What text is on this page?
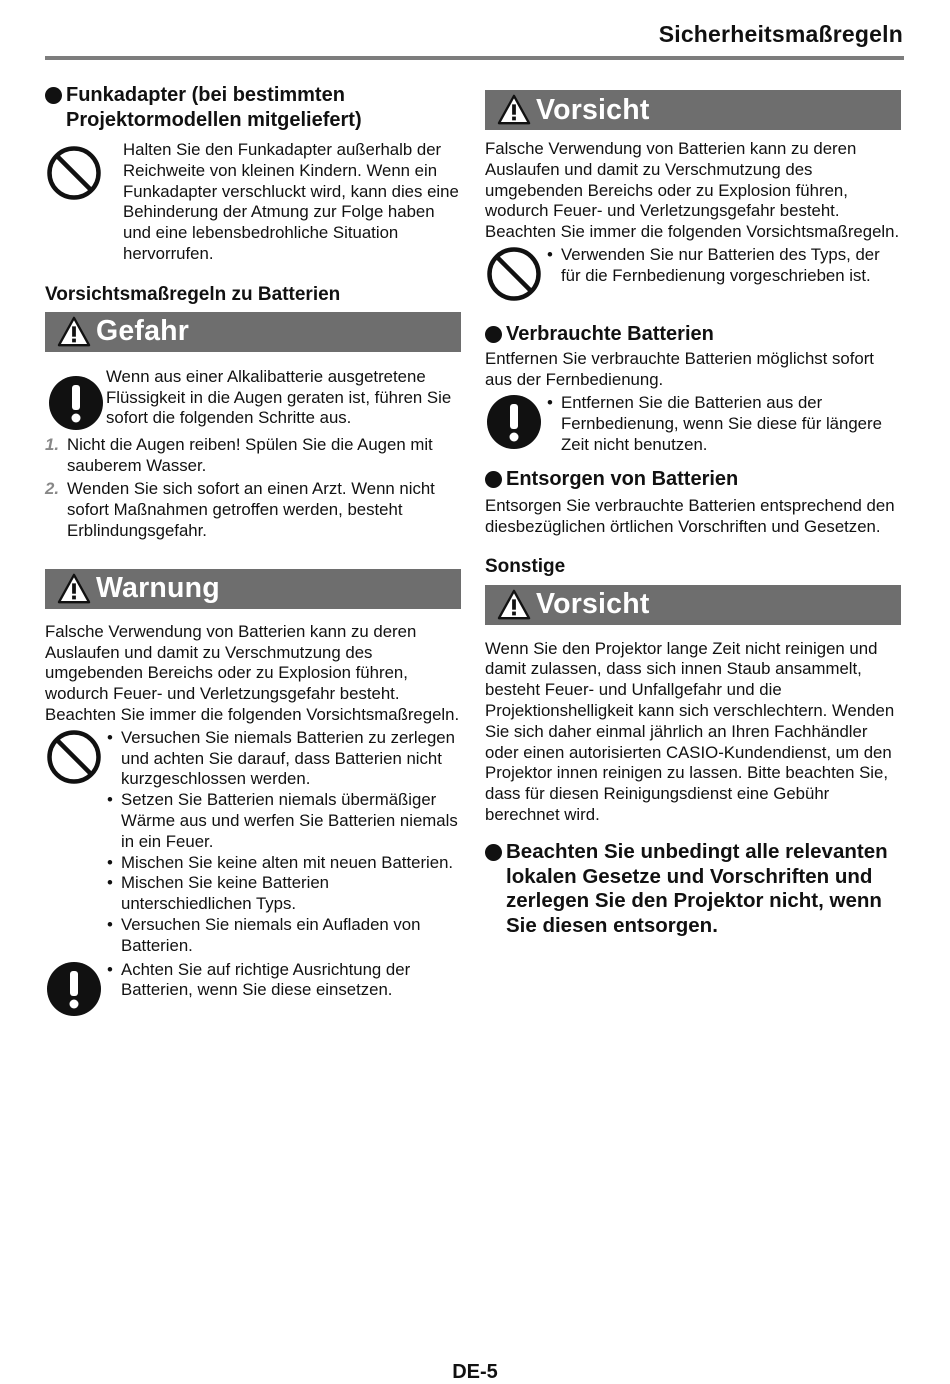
Sicherheitsmaßregeln
Funkadapter (bei bestimmten Projektormodellen mitgeliefert)

Halten Sie den Funkadapter außerhalb der Reichweite von kleinen Kindern. Wenn ein Funkadapter verschluckt wird, kann dies eine Behinderung der Atmung zur Folge haben und eine lebensbedrohliche Situation hervorrufen.

Vorsichtsmaßregeln zu Batterien
Gefahr

Wenn aus einer Alkalibatterie ausgetretene Flüssigkeit in die Augen geraten ist, führen Sie sofort die folgenden Schritte aus.

1. Nicht die Augen reiben! Spülen Sie die Augen mit sauberem Wasser.
2. Wenden Sie sich sofort an einen Arzt. Wenn nicht sofort Maßnahmen getroffen werden, besteht Erblindungsgefahr.
Warnung

Falsche Verwendung von Batterien kann zu deren Auslaufen und damit zu Verschmutzung des umgebenden Bereichs oder zu Explosion führen, wodurch Feuer- und Verletzungsgefahr besteht. Beachten Sie immer die folgenden Vorsichtsmaßregeln.

• Versuchen Sie niemals Batterien zu zerlegen und achten Sie darauf, dass Batterien nicht kurzgeschlossen werden.
• Setzen Sie Batterien niemals übermäßiger Wärme aus und werfen Sie Batterien niemals in ein Feuer.
• Mischen Sie keine alten mit neuen Batterien.
• Mischen Sie keine Batterien unterschiedlichen Typs.
• Versuchen Sie niemals ein Aufladen von Batterien.
• Achten Sie auf richtige Ausrichtung der Batterien, wenn Sie diese einsetzen.
Vorsicht

Falsche Verwendung von Batterien kann zu deren Auslaufen und damit zu Verschmutzung des umgebenden Bereichs oder zu Explosion führen, wodurch Feuer- und Verletzungsgefahr besteht. Beachten Sie immer die folgenden Vorsichtsmaßregeln.

• Verwenden Sie nur Batterien des Typs, der für die Fernbedienung vorgeschrieben ist.
Verbrauchte Batterien

Entfernen Sie verbrauchte Batterien möglichst sofort aus der Fernbedienung.

• Entfernen Sie die Batterien aus der Fernbedienung, wenn Sie diese für längere Zeit nicht benutzen.
Entsorgen von Batterien

Entsorgen Sie verbrauchte Batterien entsprechend den diesbezüglichen örtlichen Vorschriften und Gesetzen.

Sonstige
Vorsicht

Wenn Sie den Projektor lange Zeit nicht reinigen und damit zulassen, dass sich innen Staub ansammelt, besteht Feuer- und Unfallgefahr und die Projektionshelligkeit kann sich verschlechtern. Wenden Sie sich daher einmal jährlich an Ihren Fachhändler oder einen autorisierten CASIO-Kundendienst, um den Projektor innen reinigen zu lassen. Bitte beachten Sie, dass für diesen Reinigungsdienst eine Gebühr berechnet wird.

Beachten Sie unbedingt alle relevanten lokalen Gesetze und Vorschriften und zerlegen Sie den Projektor nicht, wenn Sie diesen entsorgen.
DE-5
